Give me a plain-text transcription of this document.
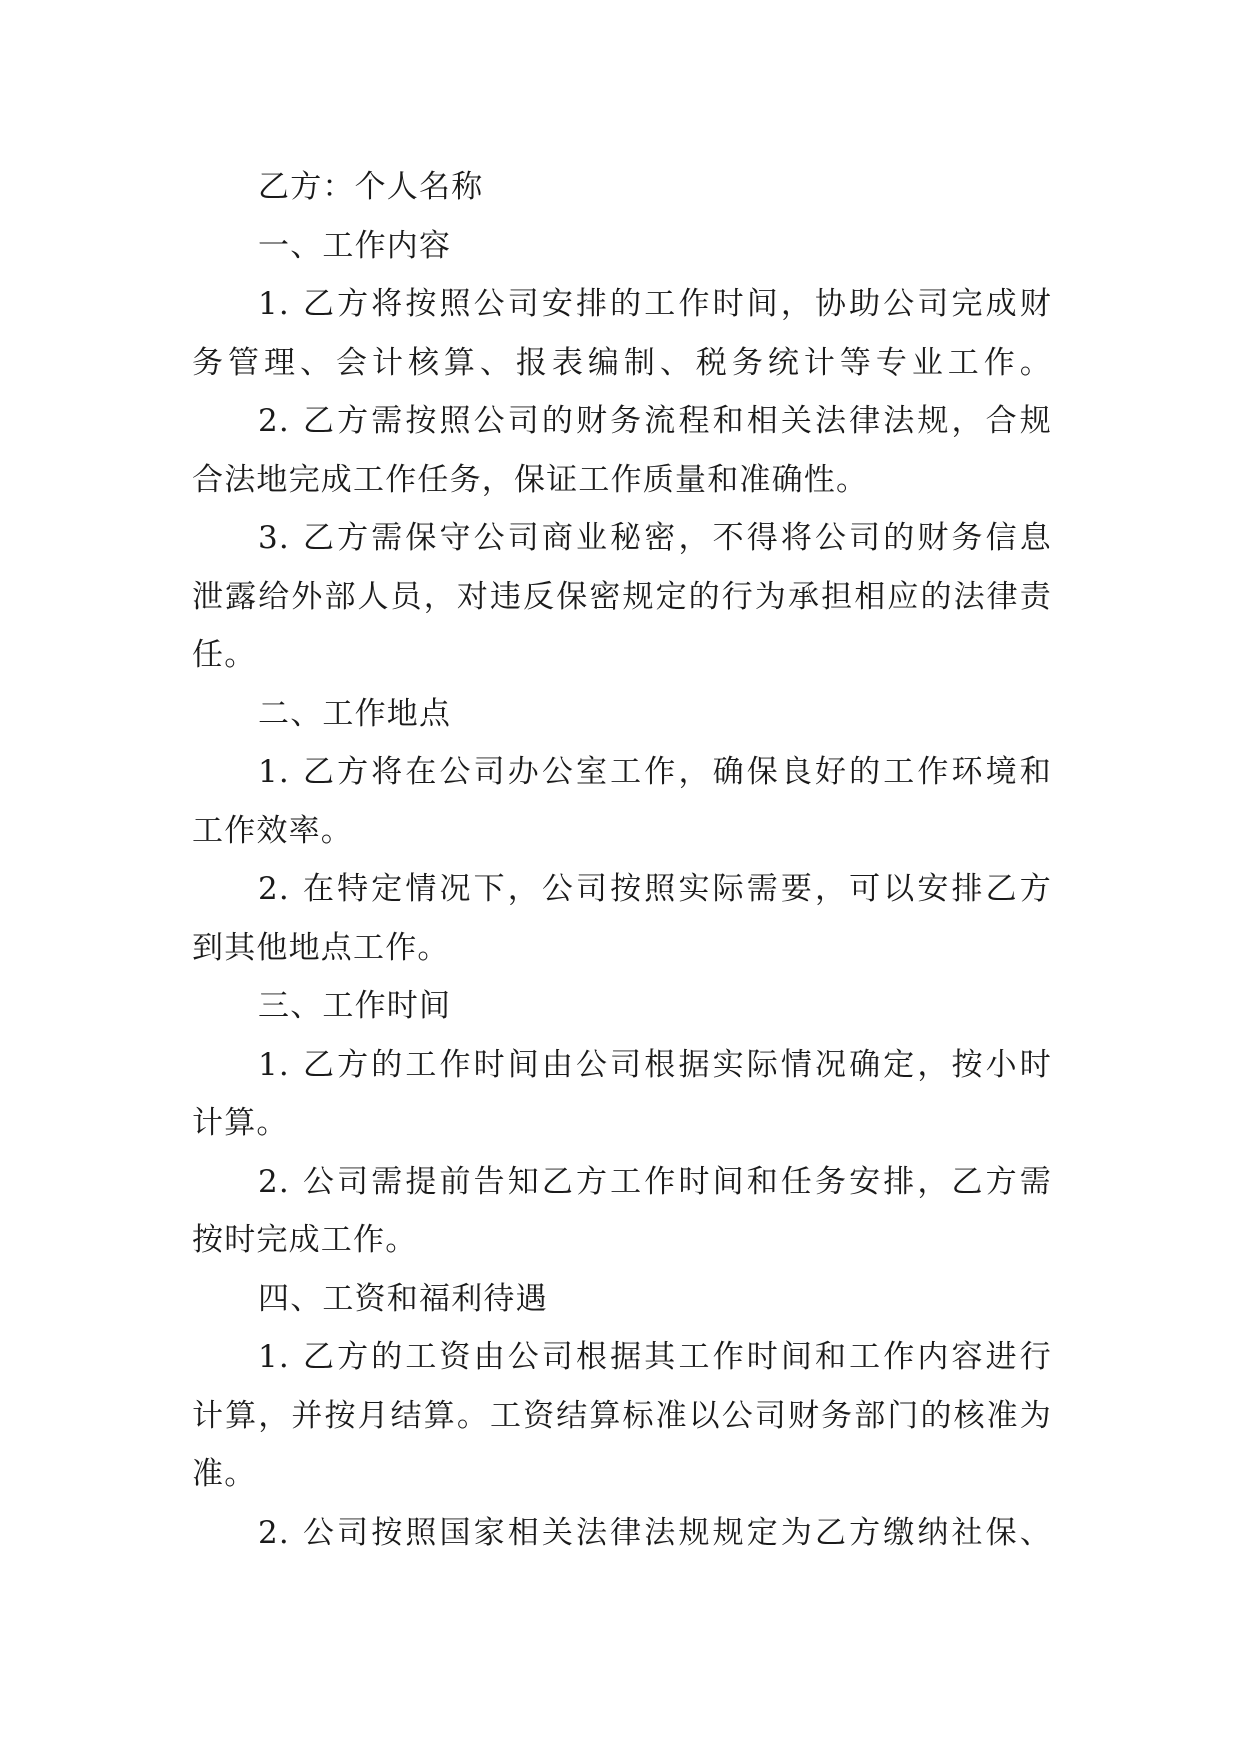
乙方：个人名称
一、工作内容
1. 乙方将按照公司安排的工作时间，协助公司完成财
务管理、会计核算、报表编制、税务统计等专业工作。
2. 乙方需按照公司的财务流程和相关法律法规，合规
合法地完成工作任务，保证工作质量和准确性。
3. 乙方需保守公司商业秘密，不得将公司的财务信息
泄露给外部人员，对违反保密规定的行为承担相应的法律责
任。
二、工作地点
1. 乙方将在公司办公室工作，确保良好的工作环境和
工作效率。
2. 在特定情况下，公司按照实际需要，可以安排乙方
到其他地点工作。
三、工作时间
1. 乙方的工作时间由公司根据实际情况确定，按小时
计算。
2. 公司需提前告知乙方工作时间和任务安排，乙方需
按时完成工作。
四、工资和福利待遇
1. 乙方的工资由公司根据其工作时间和工作内容进行
计算，并按月结算。工资结算标准以公司财务部门的核准为
准。
2. 公司按照国家相关法律法规规定为乙方缴纳社保、
